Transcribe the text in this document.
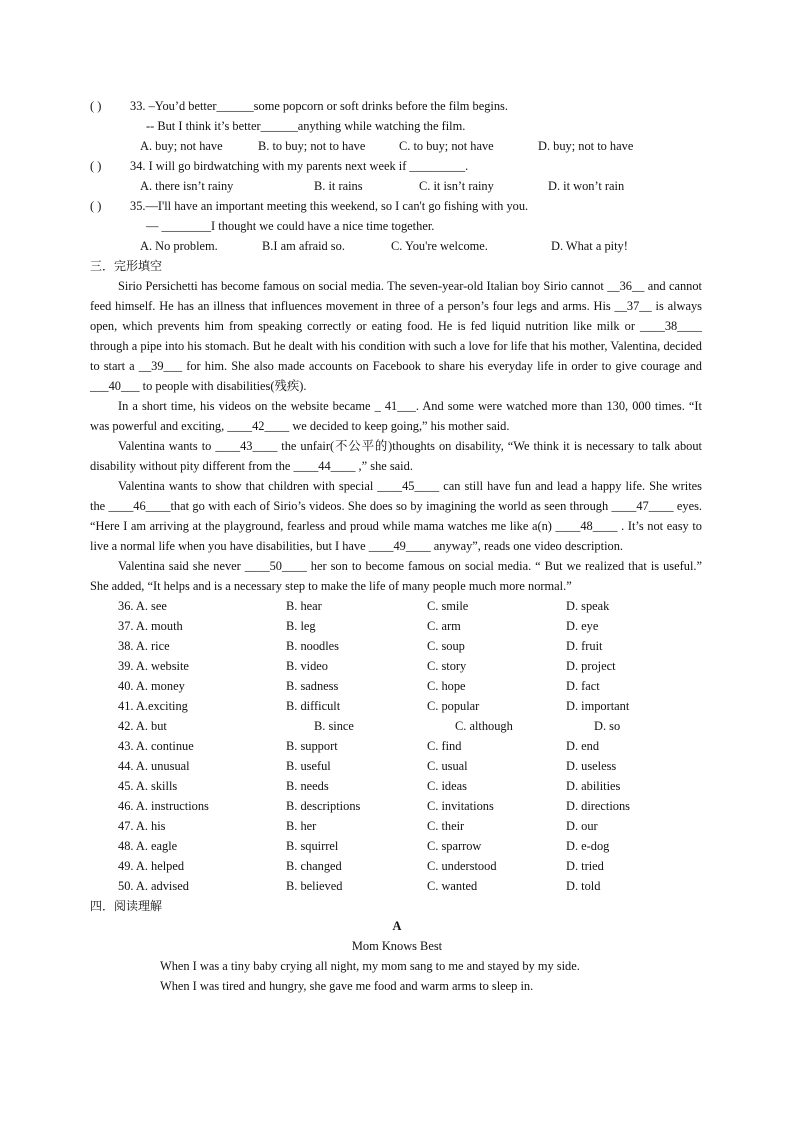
( ) 33. –You’d better______some popcorn or soft drinks before the film begins.
-- But I think it’s better______anything while watching the film.
A. buy; not have	B. to buy; not to have	C. to buy; not have	D. buy; not to have
( ) 34. I will go birdwatching with my parents next week if _________.
A. there isn’t rainy	B. it rains	C. it isn’t rainy	D. it won’t rain
( ) 35.—I'll have an important meeting this weekend, so I can't go fishing with you.
— ________I thought we could have a nice time together.
A. No problem.	B.I am afraid so.	C. You're welcome.	D. What a pity!
三．完形填空
Sirio Persichetti has become famous on social media. The seven-year-old Italian boy Sirio cannot __36__ and cannot feed himself. He has an illness that influences movement in three of a person’s four legs and arms. His __37__ is always open, which prevents him from speaking correctly or eating food. He is fed liquid nutrition like milk or ____38____ through a pipe into his stomach. But he dealt with his condition with such a love for life that his mother, Valentina, decided to start a __39___ for him. She also made accounts on Facebook to share his everyday life in order to give courage and ___40___ to people with disabilities(残疾).
In a short time, his videos on the website became _ 41___. And some were watched more than 130, 000 times. “It was powerful and exciting, ____42____ we decided to keep going,” his mother said.
Valentina wants to ____43____ the unfair(不公平的)thoughts on disability, “We think it is necessary to talk about disability without pity different from the ____44____ ,” she said.
Valentina wants to show that children with special ____45____ can still have fun and lead a happy life. She writes the ____46____that go with each of Sirio’s videos. She does so by imagining the world as seen through ____47____ eyes. “Here I am arriving at the playground, fearless and proud while mama watches me like a(n) ____48____ . It’s not easy to live a normal life when you have disabilities, but I have ____49____ anyway”, reads one video description.
Valentina said she never ____50____ her son to become famous on social media. “ But we realized that is useful.” She added, “It helps and is a necessary step to make the life of many people much more normal.”
36. A. see	B. hear	C. smile	D. speak
37. A. mouth	B. leg	C. arm	D. eye
38. A. rice	B. noodles	C. soup	D. fruit
39. A. website	B. video	C. story	D. project
40. A. money	B. sadness	C. hope	D. fact
41. A.exciting	B. difficult	C. popular	D. important
42. A. but	B. since	C. although	D. so
43. A. continue	B. support	C. find	D. end
44. A. unusual	B. useful	C. usual	D. useless
45. A. skills	B. needs	C. ideas	D. abilities
46. A. instructions	B. descriptions	C. invitations	D. directions
47. A. his	B. her	C. their	D. our
48. A. eagle	B. squirrel	C. sparrow	D. e-dog
49. A. helped	B. changed	C. understood	D. tried
50. A. advised	B. believed	C. wanted	D. told
四．阅读理解
A
Mom Knows Best
When I was a tiny baby crying all night, my mom sang to me and stayed by my side.
When I was tired and hungry, she gave me food and warm arms to sleep in.
